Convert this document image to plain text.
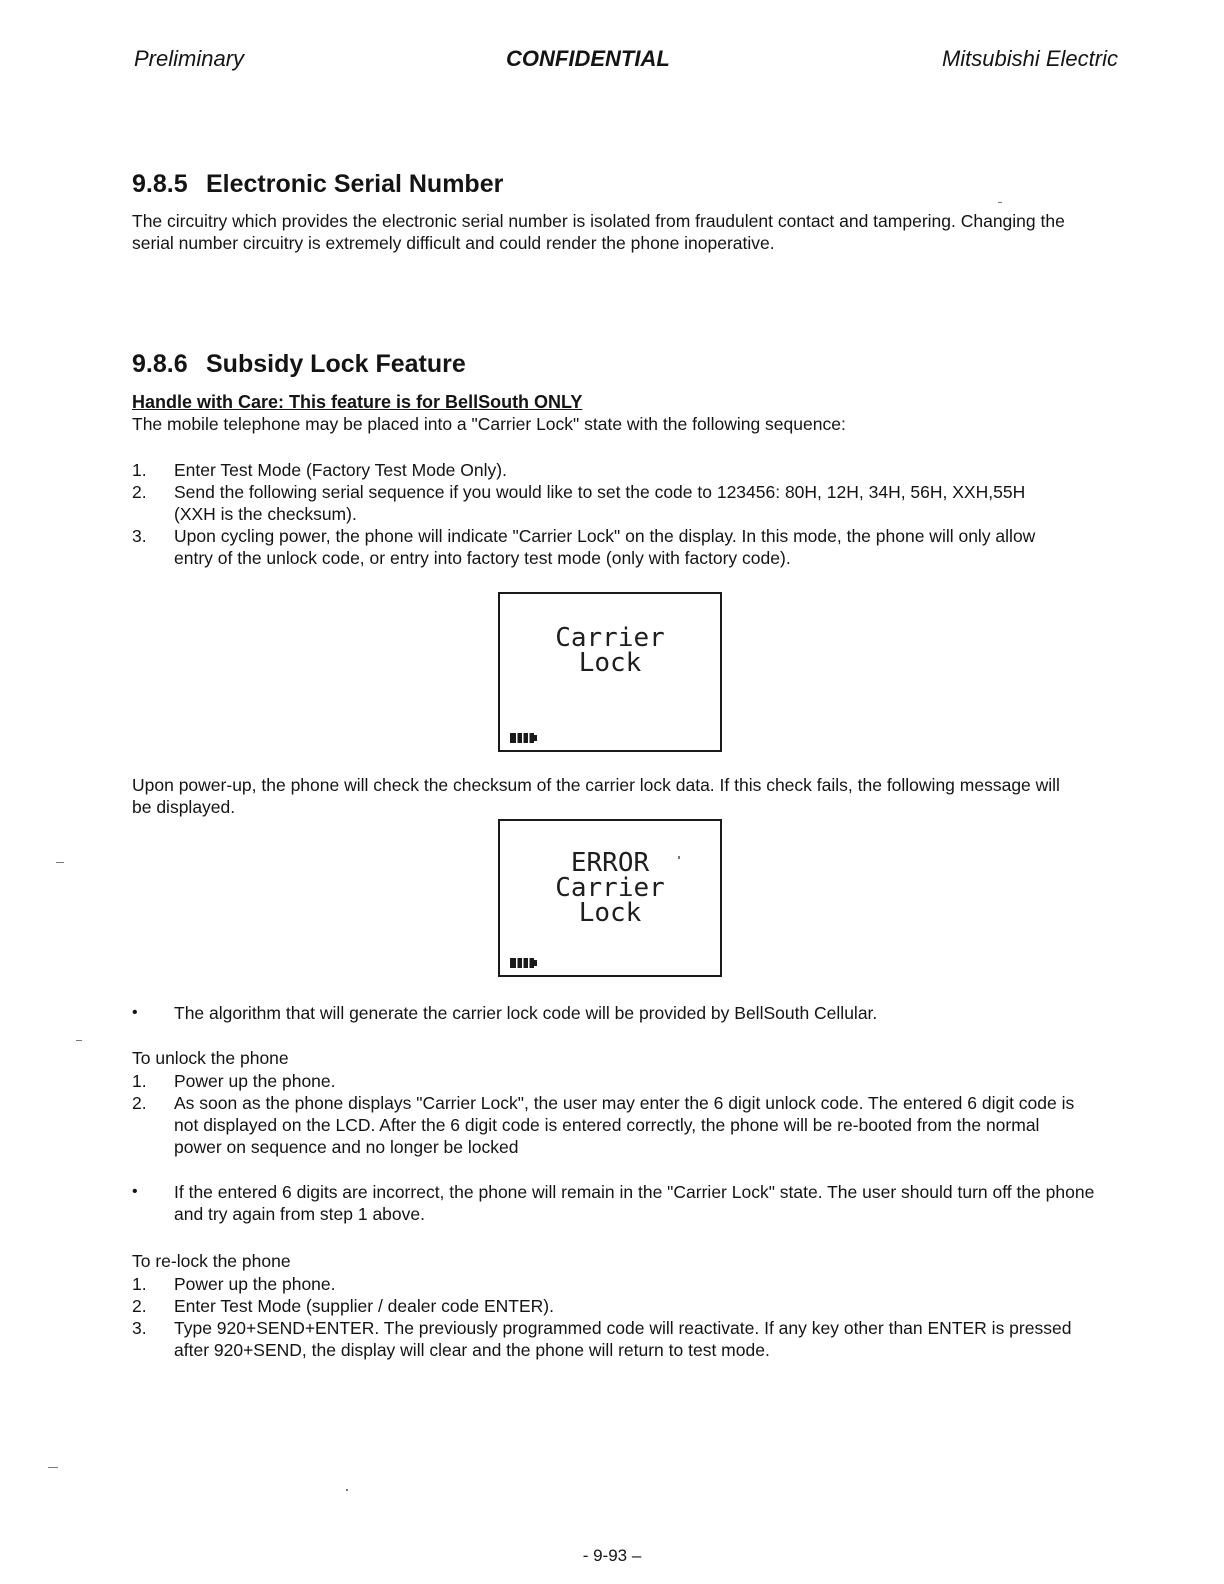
Preliminary	CONFIDENTIAL	Mitsubishi Electric
9.8.5 Electronic Serial Number

The circuitry which provides the electronic serial number is isolated from fraudulent contact and tampering. Changing the serial number circuitry is extremely difficult and could render the phone inoperative.

9.8.6 Subsidy Lock Feature

Handle with Care: This feature is for BellSouth ONLY

The mobile telephone may be placed into a "Carrier Lock" state with the following sequence:

1.	Enter Test Mode (Factory Test Mode Only).
2.	Send the following serial sequence if you would like to set the code to 123456: 80H, 12H, 34H, 56H, XXH,55H (XXH is the checksum).
3.	Upon cycling power, the phone will indicate "Carrier Lock" on the display. In this mode, the phone will only allow entry of the unlock code, or entry into factory test mode (only with factory code).
Carrier
Lock

Upon power-up, the phone will check the checksum of the carrier lock data. If this check fails, the following message will be displayed.

ERROR
Carrier
Lock
•	The algorithm that will generate the carrier lock code will be provided by BellSouth Cellular.

To unlock the phone

1.	Power up the phone.
2.	As soon as the phone displays "Carrier Lock", the user may enter the 6 digit unlock code. The entered 6 digit code is not displayed on the LCD. After the 6 digit code is entered correctly, the phone will be re-booted from the normal power on sequence and no longer be locked
•	If the entered 6 digits are incorrect, the phone will remain in the "Carrier Lock" state. The user should turn off the phone and try again from step 1 above.

To re-lock the phone

1.	Power up the phone.
2.	Enter Test Mode (supplier / dealer code ENTER).
3.	Type 920+SEND+ENTER. The previously programmed code will reactivate. If any key other than ENTER is pressed after 920+SEND, the display will clear and the phone will return to test mode.
- 9-93 –
